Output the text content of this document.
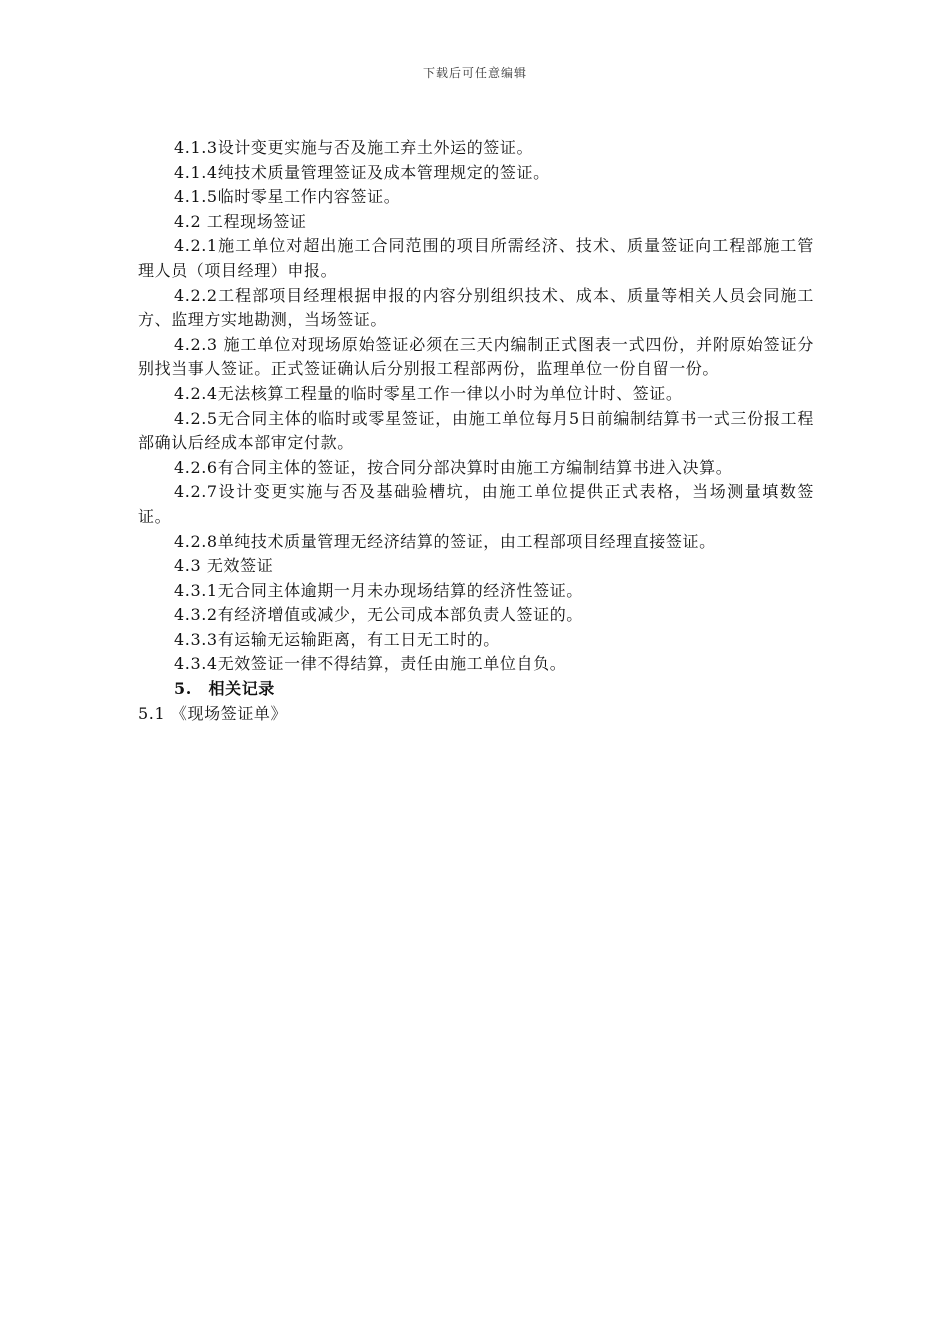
下载后可任意编辑

4.1.3设计变更实施与否及施工弃土外运的签证。

4.1.4纯技术质量管理签证及成本管理规定的签证。

4.1.5临时零星工作内容签证。

4.2 工程现场签证

4.2.1施工单位对超出施工合同范围的项目所需经济、技术、质量签证向工程部施工管理人员（项目经理）申报。

4.2.2工程部项目经理根据申报的内容分别组织技术、成本、质量等相关人员会同施工方、监理方实地勘测，当场签证。

4.2.3 施工单位对现场原始签证必须在三天内编制正式图表一式四份，并附原始签证分别找当事人签证。正式签证确认后分别报工程部两份，监理单位一份自留一份。

4.2.4无法核算工程量的临时零星工作一律以小时为单位计时、签证。

4.2.5无合同主体的临时或零星签证，由施工单位每月5日前编制结算书一式三份报工程部确认后经成本部审定付款。

4.2.6有合同主体的签证，按合同分部决算时由施工方编制结算书进入决算。

4.2.7设计变更实施与否及基础验槽坑，由施工单位提供正式表格，当场测量填数签证。

4.2.8单纯技术质量管理无经济结算的签证，由工程部项目经理直接签证。

4.3 无效签证

4.3.1无合同主体逾期一月未办现场结算的经济性签证。

4.3.2有经济增值或减少，无公司成本部负责人签证的。

4.3.3有运输无运输距离，有工日无工时的。

4.3.4无效签证一律不得结算，责任由施工单位自负。

5.　相关记录

5.1 《现场签证单》
